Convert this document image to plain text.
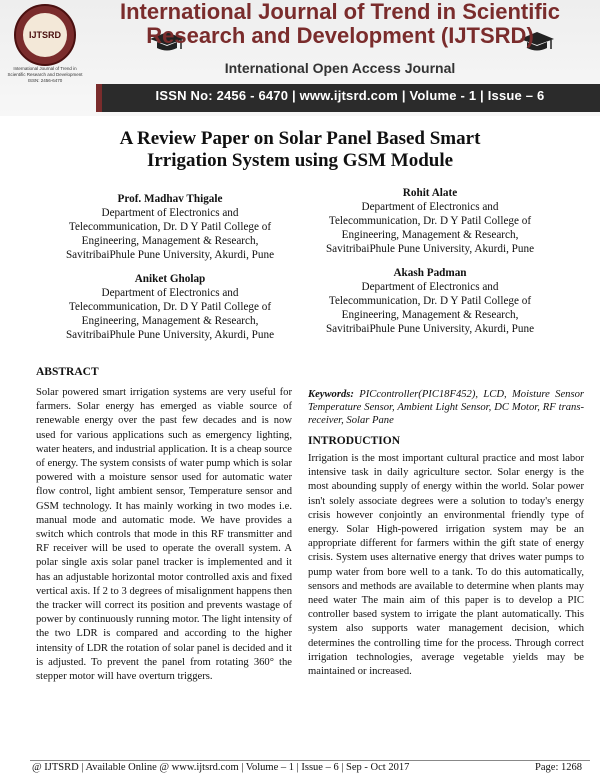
IJTSRD
International Journal of Trend in Scientific Research and Development ISSN: 2456-6470
International Journal of Trend in Scientific
Research and Development (IJTSRD)
International Open Access Journal
ISSN No: 2456 - 6470 | www.ijtsrd.com | Volume - 1 | Issue – 6
A Review Paper on Solar Panel Based Smart
Irrigation System using GSM Module
Prof. Madhav Thigale
Department of Electronics and
Telecommunication, Dr. D Y Patil College of
Engineering, Management & Research,
SavitribaiPhule Pune University, Akurdi, Pune
Rohit Alate
Department of Electronics and
Telecommunication, Dr. D Y Patil College of
Engineering, Management & Research,
SavitribaiPhule Pune University, Akurdi, Pune
Aniket Gholap
Department of Electronics and
Telecommunication, Dr. D Y Patil College of
Engineering, Management & Research,
SavitribaiPhule Pune University, Akurdi, Pune
Akash Padman
Department of Electronics and
Telecommunication, Dr. D Y Patil College of
Engineering, Management & Research,
SavitribaiPhule Pune University, Akurdi, Pune
ABSTRACT
Solar powered smart irrigation systems are very useful for farmers. Solar energy has emerged as viable source of renewable energy over the past few decades and is now used for various applications such as emergency lighting, water heaters, and industrial application. It is a cheap source of energy. The system consists of water pump which is solar powered with a moisture sensor used for automatic water flow control, light ambient sensor, Temperature sensor and GSM technology. It has mainly working in two modes i.e. manual mode and automatic mode. We have provides a switch which controls that mode in this RF transmitter and RF receiver will be used to operate the overall system. A polar single axis solar panel tracker is implemented and it has an adjustable horizontal motor controlled axis and fixed vertical axis. If 2 to 3 degrees of misalignment happens then the tracker will correct its position and prevents wastage of power by continuously running motor. The light intensity of the two LDR is compared and according to the higher intensity of LDR the rotation of solar panel is decided and it is adjusted. To prevent the panel from rotating 360° the stepper motor will have overturn triggers.
Keywords: PICcontroller(PIC18F452), LCD, Moisture Sensor Temperature Sensor, Ambient Light Sensor, DC Motor, RF trans-receiver, Solar Pane
INTRODUCTION
Irrigation is the most important cultural practice and most labor intensive task in daily agriculture sector. Solar energy is the most abounding supply of energy within the world. Solar power isn't solely associate degrees were a solution to today's energy crisis however conjointly an environmental friendly type of energy. Solar High-powered irrigation system may be an appropriate different for farmers within the gift state of energy crisis. System uses alternative energy that drives water pumps to pump water from bore well to a tank. To do this automatically, sensors and methods are available to determine when plants may need water The main aim of this paper is to develop a PIC controller based system to irrigate the plant automatically. This system also supports water management decision, which determines the controlling time for the process. Through correct irrigation technologies, average vegetable yields may be maintained or increased.
@ IJTSRD | Available Online @ www.ijtsrd.com | Volume – 1 | Issue – 6 | Sep - Oct 2017	Page: 1268
